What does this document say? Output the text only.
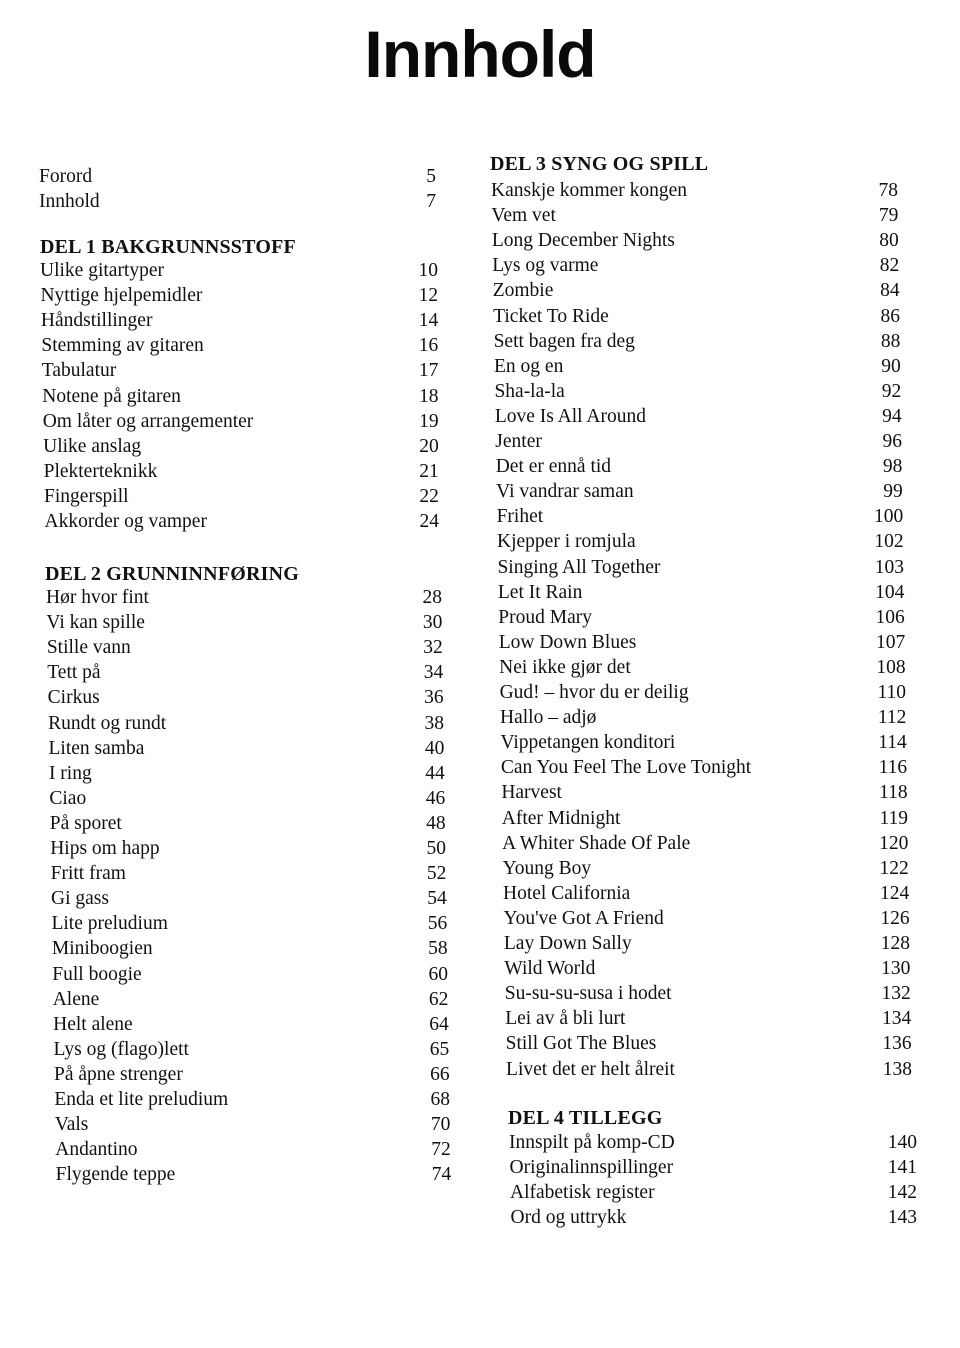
Innhold
Forord	5
Innhold	7
DEL 1 BAKGRUNNSSTOFF
Ulike gitartyper	10
Nyttige hjelpemidler	12
Håndstillinger	14
Stemming av gitaren	16
Tabulatur	17
Notene på gitaren	18
Om låter og arrangementer	19
Ulike anslag	20
Plekterteknikk	21
Fingerspill	22
Akkorder og vamper	24
DEL 2 GRUNNINNFØRING
Hør hvor fint	28
Vi kan spille	30
Stille vann	32
Tett på	34
Cirkus	36
Rundt og rundt	38
Liten samba	40
I ring	44
Ciao	46
På sporet	48
Hips om happ	50
Fritt fram	52
Gi gass	54
Lite preludium	56
Miniboogien	58
Full boogie	60
Alene	62
Helt alene	64
Lys og (flago)lett	65
På åpne strenger	66
Enda et lite preludium	68
Vals	70
Andantino	72
Flygende teppe	74
DEL 3 SYNG OG SPILL
Kanskje kommer kongen	78
Vem vet	79
Long December Nights	80
Lys og varme	82
Zombie	84
Ticket To Ride	86
Sett bagen fra deg	88
En og en	90
Sha-la-la	92
Love Is All Around	94
Jenter	96
Det er ennå tid	98
Vi vandrar saman	99
Frihet	100
Kjepper i romjula	102
Singing All Together	103
Let It Rain	104
Proud Mary	106
Low Down Blues	107
Nei ikke gjør det	108
Gud! – hvor du er deilig	110
Hallo – adjø	112
Vippetangen konditori	114
Can You Feel The Love Tonight	116
Harvest	118
After Midnight	119
A Whiter Shade Of Pale	120
Young Boy	122
Hotel California	124
You've Got A Friend	126
Lay Down Sally	128
Wild World	130
Su-su-su-susa i hodet	132
Lei av å bli lurt	134
Still Got The Blues	136
Livet det er helt ålreit	138
DEL 4 TILLEGG
Innspilt på komp-CD	140
Originalinnspillinger	141
Alfabetisk register	142
Ord og uttrykk	143
